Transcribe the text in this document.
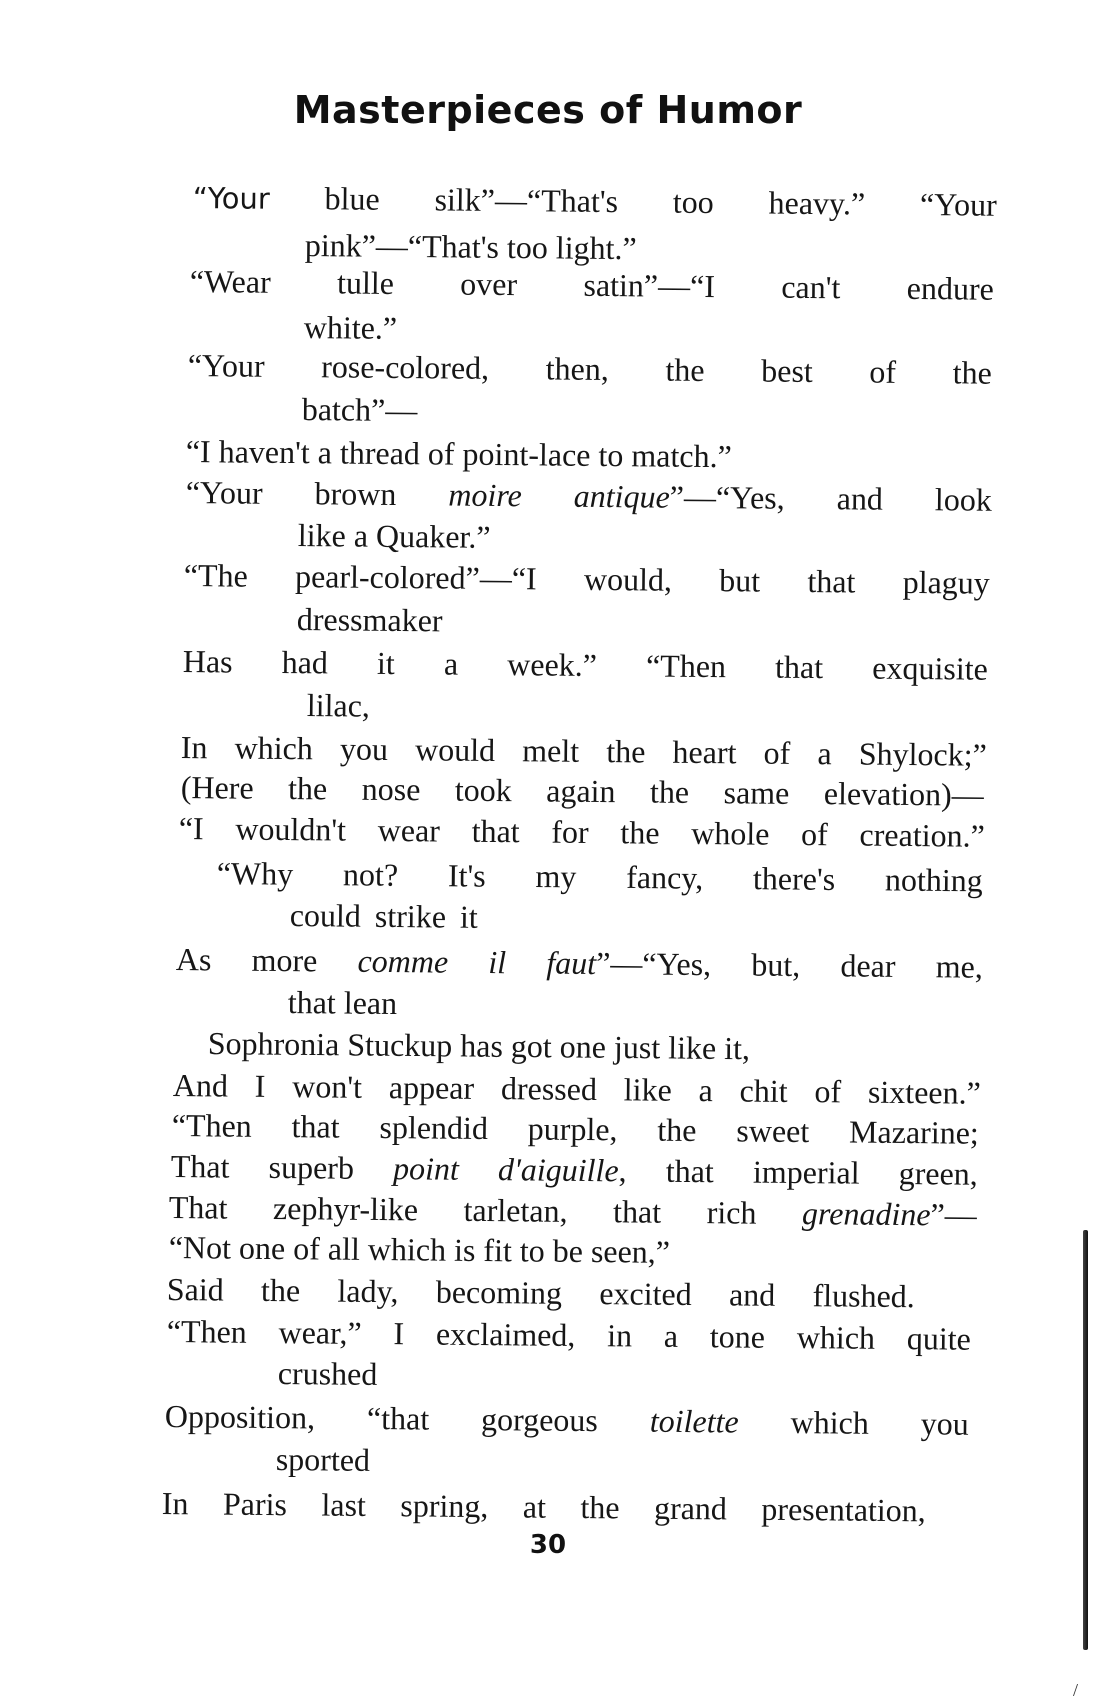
Masterpieces of Humor
“Your blue silk”—“That's too heavy.” “Your
pink”—“That's too light.”
“Wear tulle over satin”—“I can't endure
white.”
“Your rose-colored, then, the best of the
batch”—
“I haven't a thread of point-lace to match.”
“Your brown moire antique”—“Yes, and look
like a Quaker.”
“The pearl-colored”—“I would, but that plaguy
dressmaker
Has had it a week.” “Then that exquisite
lilac,
In which you would melt the heart of a Shylock;”
(Here the nose took again the same elevation)—
“I wouldn't wear that for the whole of creation.”
“Why not? It's my fancy, there's nothing
could strike it
As more comme il faut”—“Yes, but, dear me,
that lean
Sophronia Stuckup has got one just like it,
And I won't appear dressed like a chit of sixteen.”
“Then that splendid purple, the sweet Mazarine;
That superb point d'aiguille, that imperial green,
That zephyr-like tarletan, that rich grenadine”—
“Not one of all which is fit to be seen,”
Said the lady, becoming excited and flushed.
“Then wear,” I exclaimed, in a tone which quite
crushed
Opposition, “that gorgeous toilette which you
sported
In Paris last spring, at the grand presentation,
30
/
